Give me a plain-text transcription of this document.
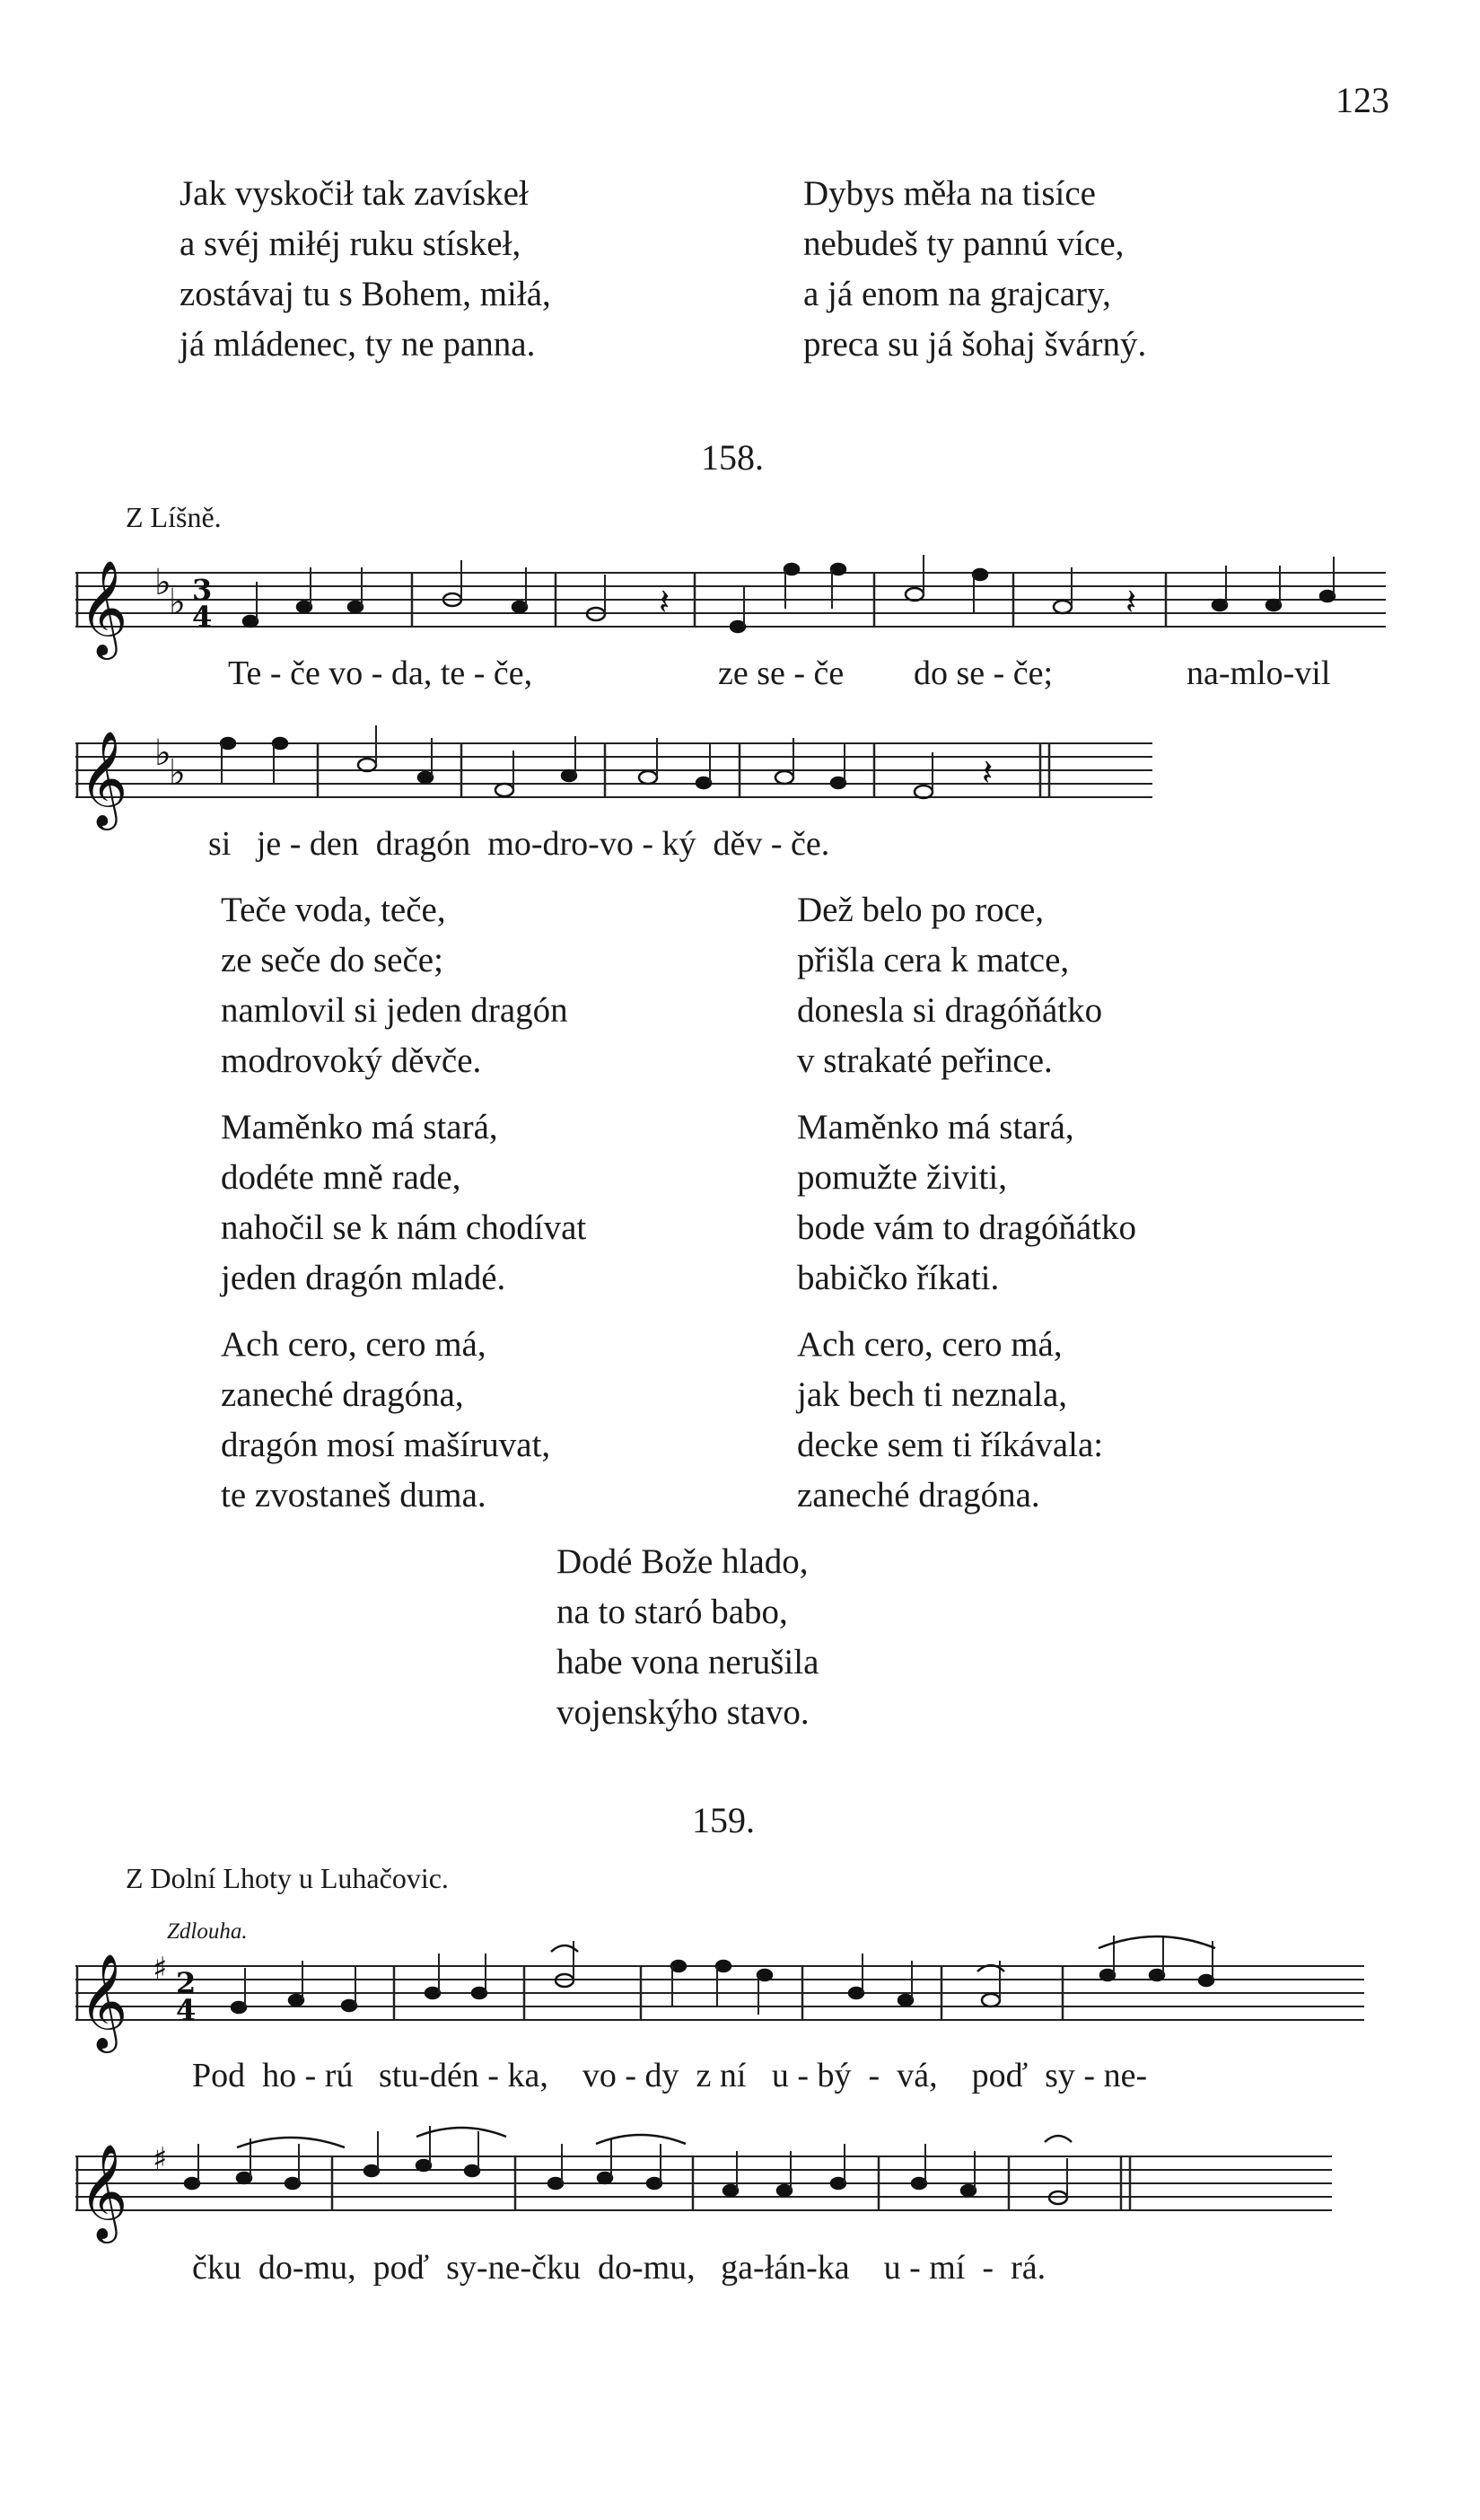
123
Jak vyskočił tak zavískeł
a svéj miłéj ruku stískeł,
zostávaj tu s Bohem, miłá,
já mládenec, ty ne panna.
Dybys měła na tisíce
nebudeš ty pannú více,
a já enom na grajcary,
preca su já šohaj švárný.
158.
Z Líšně.
𝄞 ♭
♭ 3
4	𝄽	𝄽
Te - če vo - da, te - če,	ze se - če do se - če;	na-mlo-vil
𝄞 ♭
♭	𝄽
si   je - den  dragón  mo-dro-vo - ký  děv - če.
Teče voda, teče,
ze seče do seče;
namlovil si jeden dragón
modrovoký děvče.
Maměnko má stará,
dodéte mně rade,
nahočil se k nám chodívat
jeden dragón mladé.
Ach cero, cero má,
zaneché dragóna,
dragón mosí mašíruvat,
te zvostaneš duma.
Dež belo po roce,
přišla cera k matce,
donesla si dragóňátko
v strakaté peřince.
Maměnko má stará,
pomužte živiti,
bode vám to dragóňátko
babičko říkati.
Ach cero, cero má,
jak bech ti neznala,
decke sem ti říkávala:
zaneché dragóna.
Dodé Bože hlado,
na to staró babo,
habe vona nerušila
vojenskýho stavo.
159.
Z Dolní Lhoty u Luhačovic.
Zdlouha.
𝄞 ♯ 2
4
Pod  ho - rú   stu-dén - ka,    vo - dy  z ní   u - bý  -  vá,    poď  sy - ne-
𝄞 ♯
čku  do-mu,  poď  sy-ne-čku  do-mu,   ga-łán-ka    u - mí  -  rá.
